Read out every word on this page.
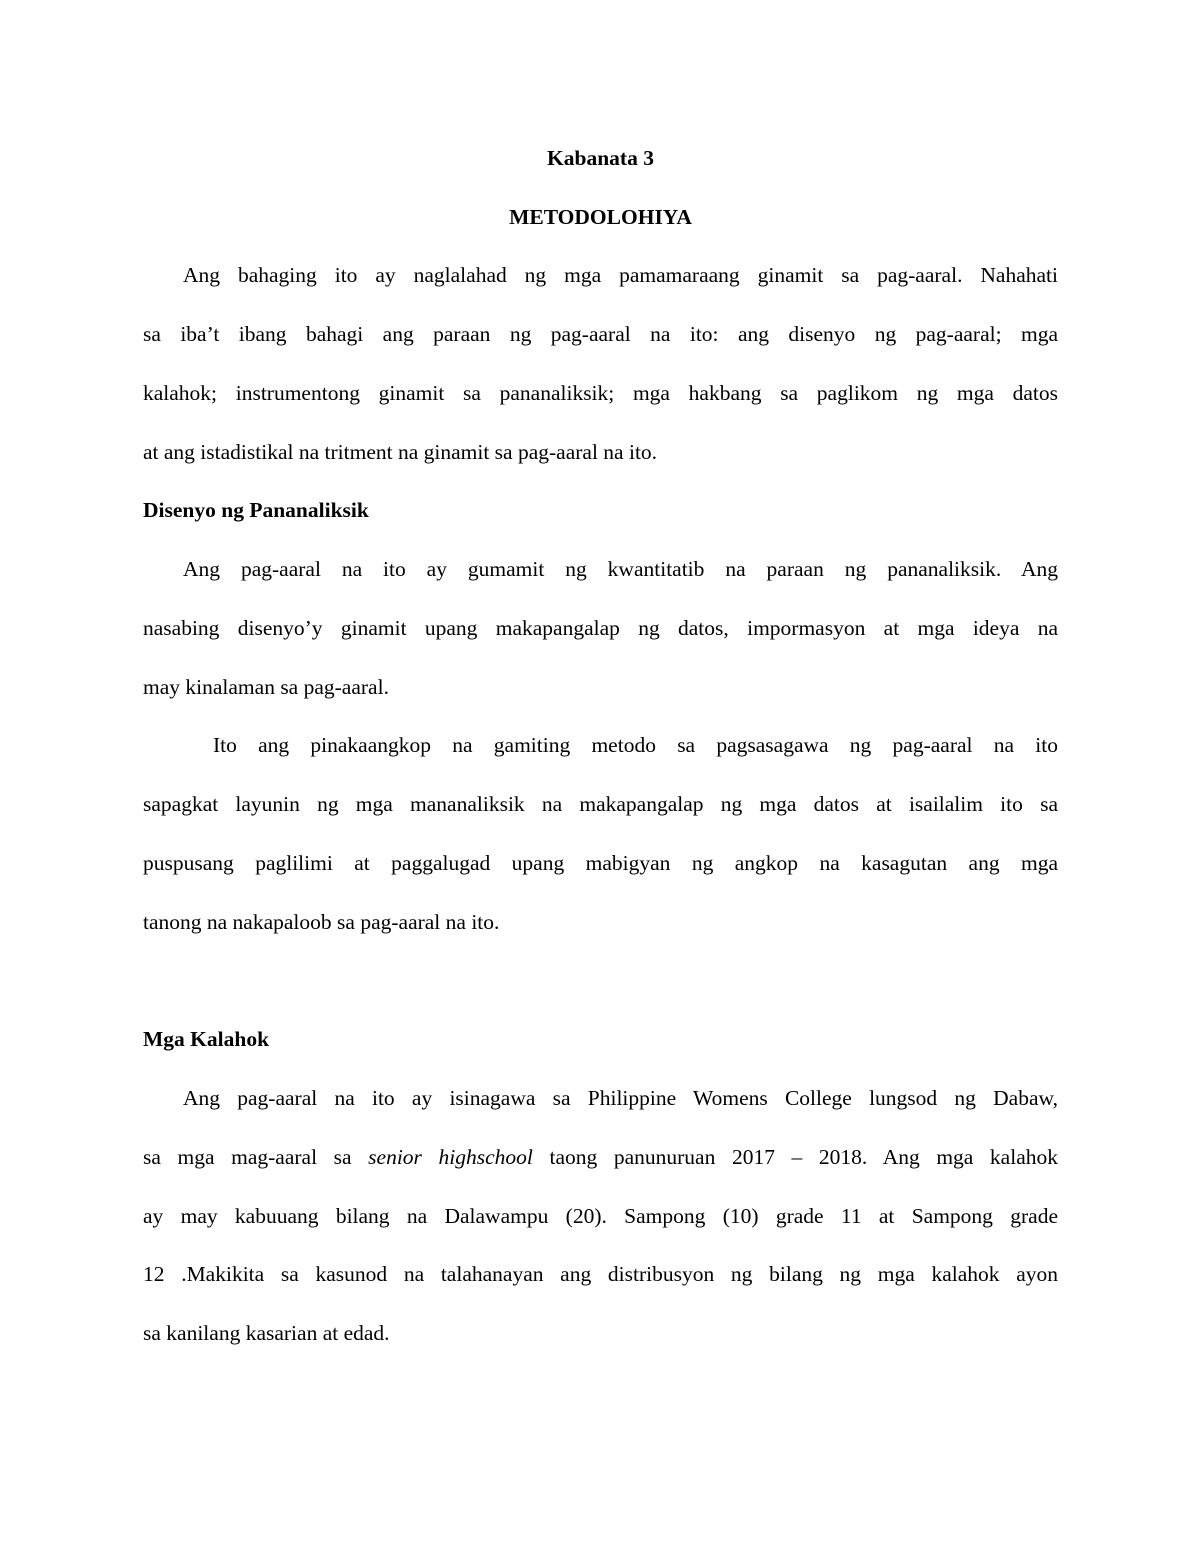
Kabanata 3
METODOLOHIYA
Ang bahaging ito ay naglalahad ng mga pamamaraang ginamit sa pag-aaral. Nahahati
sa iba’t ibang bahagi ang paraan ng pag-aaral na ito: ang disenyo ng pag-aaral; mga
kalahok; instrumentong ginamit sa pananaliksik; mga hakbang sa paglikom ng mga datos
at ang istadistikal na tritment na ginamit sa pag-aaral na ito.
Disenyo ng Pananaliksik
Ang pag-aaral na ito ay gumamit ng kwantitatib na paraan ng pananaliksik. Ang
nasabing disenyo’y ginamit upang makapangalap ng datos, impormasyon at mga ideya na
may kinalaman sa pag-aaral.
Ito ang pinakaangkop na gamiting metodo sa pagsasagawa ng pag-aaral na ito
sapagkat layunin ng mga mananaliksik na makapangalap ng mga datos at isailalim ito sa
puspusang paglilimi at paggalugad upang mabigyan ng angkop na kasagutan ang mga
tanong na nakapaloob sa pag-aaral na ito.
Mga Kalahok
Ang pag-aaral na ito ay isinagawa sa Philippine Womens College lungsod ng Dabaw,
sa mga mag-aaral sa senior highschool taong panunuruan 2017 – 2018. Ang mga kalahok
ay may kabuuang bilang na Dalawampu (20). Sampong (10) grade 11 at Sampong grade
12 .Makikita sa kasunod na talahanayan ang distribusyon ng bilang ng mga kalahok ayon
sa kanilang kasarian at edad.
